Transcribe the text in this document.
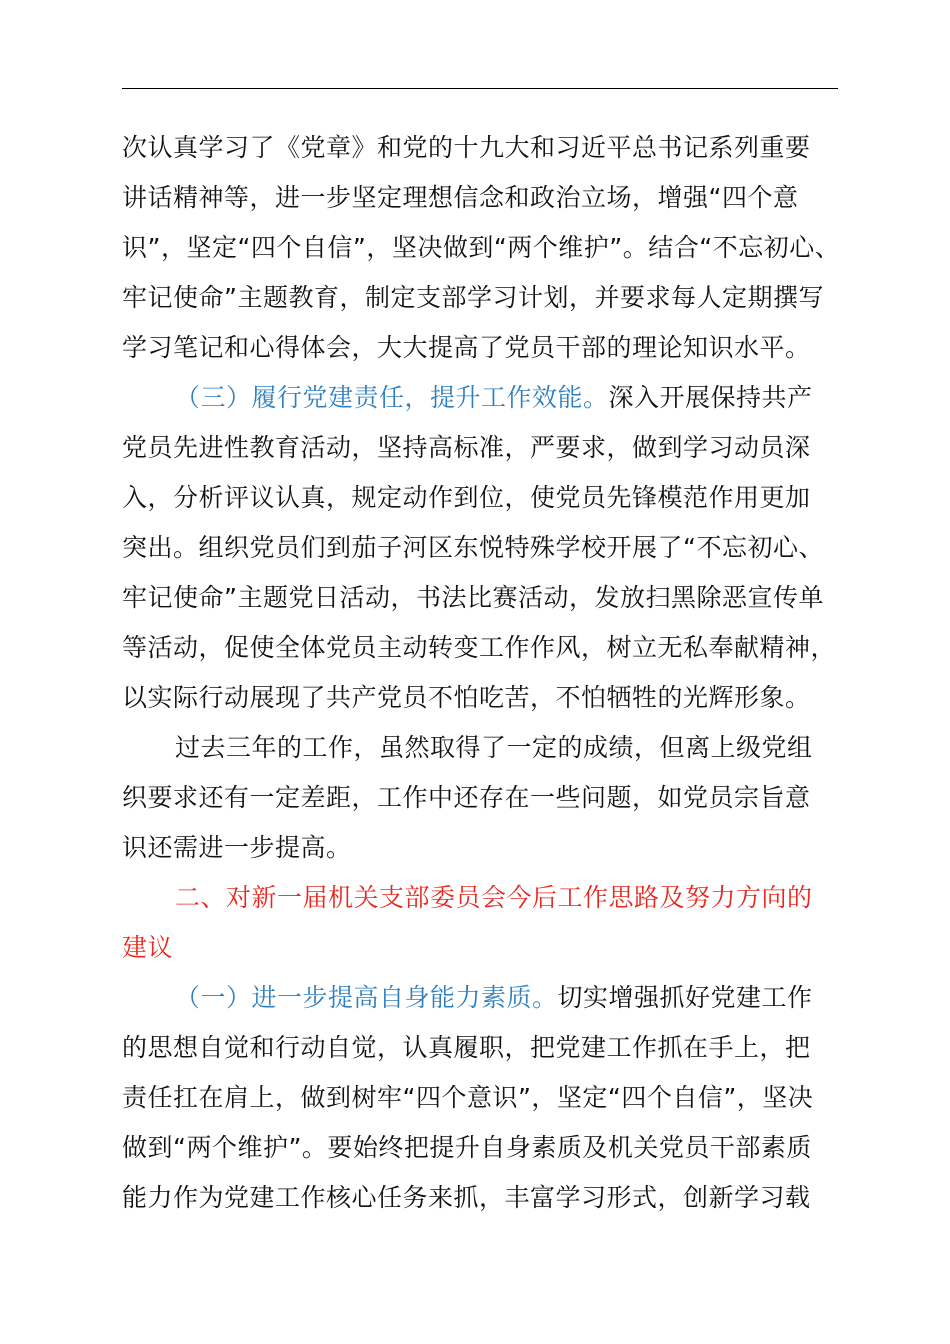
次认真学习了《党章》和党的十九大和习近平总书记系列重要
讲话精神等，进一步坚定理想信念和政治立场，增强“四个意
识”，坚定“四个自信”，坚决做到“两个维护”。结合“不忘初心、
牢记使命”主题教育，制定支部学习计划，并要求每人定期撰写
学习笔记和心得体会，大大提高了党员干部的理论知识水平。
（三）履行党建责任，提升工作效能。深入开展保持共产
党员先进性教育活动，坚持高标准，严要求，做到学习动员深
入，分析评议认真，规定动作到位，使党员先锋模范作用更加
突出。组织党员们到茄子河区东悦特殊学校开展了“不忘初心、
牢记使命”主题党日活动，书法比赛活动，发放扫黑除恶宣传单
等活动，促使全体党员主动转变工作作风，树立无私奉献精神，
以实际行动展现了共产党员不怕吃苦，不怕牺牲的光辉形象。
过去三年的工作，虽然取得了一定的成绩，但离上级党组
织要求还有一定差距，工作中还存在一些问题，如党员宗旨意
识还需进一步提高。
二、对新一届机关支部委员会今后工作思路及努力方向的
建议
（一）进一步提高自身能力素质。切实增强抓好党建工作
的思想自觉和行动自觉，认真履职，把党建工作抓在手上，把
责任扛在肩上，做到树牢“四个意识”，坚定“四个自信”，坚决
做到“两个维护”。要始终把提升自身素质及机关党员干部素质
能力作为党建工作核心任务来抓，丰富学习形式，创新学习载
